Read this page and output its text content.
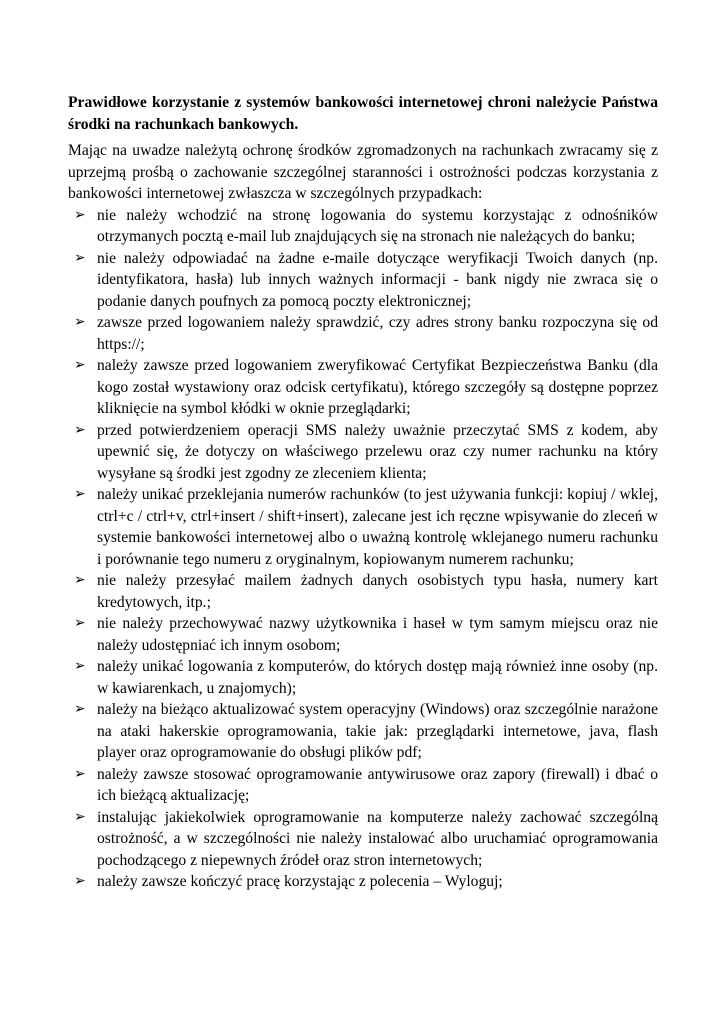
Prawidłowe korzystanie z systemów bankowości internetowej chroni należycie Państwa środki na rachunkach bankowych.

Mając na uwadze należytą ochronę środków zgromadzonych na rachunkach zwracamy się z uprzejmą prośbą o zachowanie szczególnej staranności i ostrożności podczas korzystania z bankowości internetowej zwłaszcza w szczególnych przypadkach:

➢ nie należy wchodzić na stronę logowania do systemu korzystając z odnośników otrzymanych pocztą e-mail lub znajdujących się na stronach nie należących do banku;
➢ nie należy odpowiadać na żadne e-maile dotyczące weryfikacji Twoich danych (np. identyfikatora, hasła) lub innych ważnych informacji - bank nigdy nie zwraca się o podanie danych poufnych za pomocą poczty elektronicznej;
➢ zawsze przed logowaniem należy sprawdzić, czy adres strony banku rozpoczyna się od https://;
➢ należy zawsze przed logowaniem zweryfikować Certyfikat Bezpieczeństwa Banku (dla kogo został wystawiony oraz odcisk certyfikatu), którego szczegóły są dostępne poprzez kliknięcie na symbol kłódki w oknie przeglądarki;
➢ przed potwierdzeniem operacji SMS należy uważnie przeczytać SMS z kodem, aby upewnić się, że dotyczy on właściwego przelewu oraz czy numer rachunku na który wysyłane są środki jest zgodny ze zleceniem klienta;
➢ należy unikać przeklejania numerów rachunków (to jest używania funkcji: kopiuj / wklej, ctrl+c / ctrl+v, ctrl+insert / shift+insert), zalecane jest ich ręczne wpisywanie do zleceń w systemie bankowości internetowej albo o uważną kontrolę wklejanego numeru rachunku i porównanie tego numeru z oryginalnym, kopiowanym numerem rachunku;
➢ nie należy przesyłać mailem żadnych danych osobistych typu hasła, numery kart kredytowych, itp.;
➢ nie należy przechowywać nazwy użytkownika i haseł w tym samym miejscu oraz nie należy udostępniać ich innym osobom;
➢ należy unikać logowania z komputerów, do których dostęp mają również inne osoby (np. w kawiarenkach, u znajomych);
➢ należy na bieżąco aktualizować system operacyjny (Windows) oraz szczególnie narażone na ataki hakerskie oprogramowania, takie jak: przeglądarki internetowe, java, flash player oraz oprogramowanie do obsługi plików pdf;
➢ należy zawsze stosować oprogramowanie antywirusowe oraz zapory (firewall) i dbać o ich bieżącą aktualizację;
➢ instalując jakiekolwiek oprogramowanie na komputerze należy zachować szczególną ostrożność, a w szczególności nie należy instalować albo uruchamiać oprogramowania pochodzącego z niepewnych źródeł oraz stron internetowych;
➢ należy zawsze kończyć pracę korzystając z polecenia – Wyloguj;
